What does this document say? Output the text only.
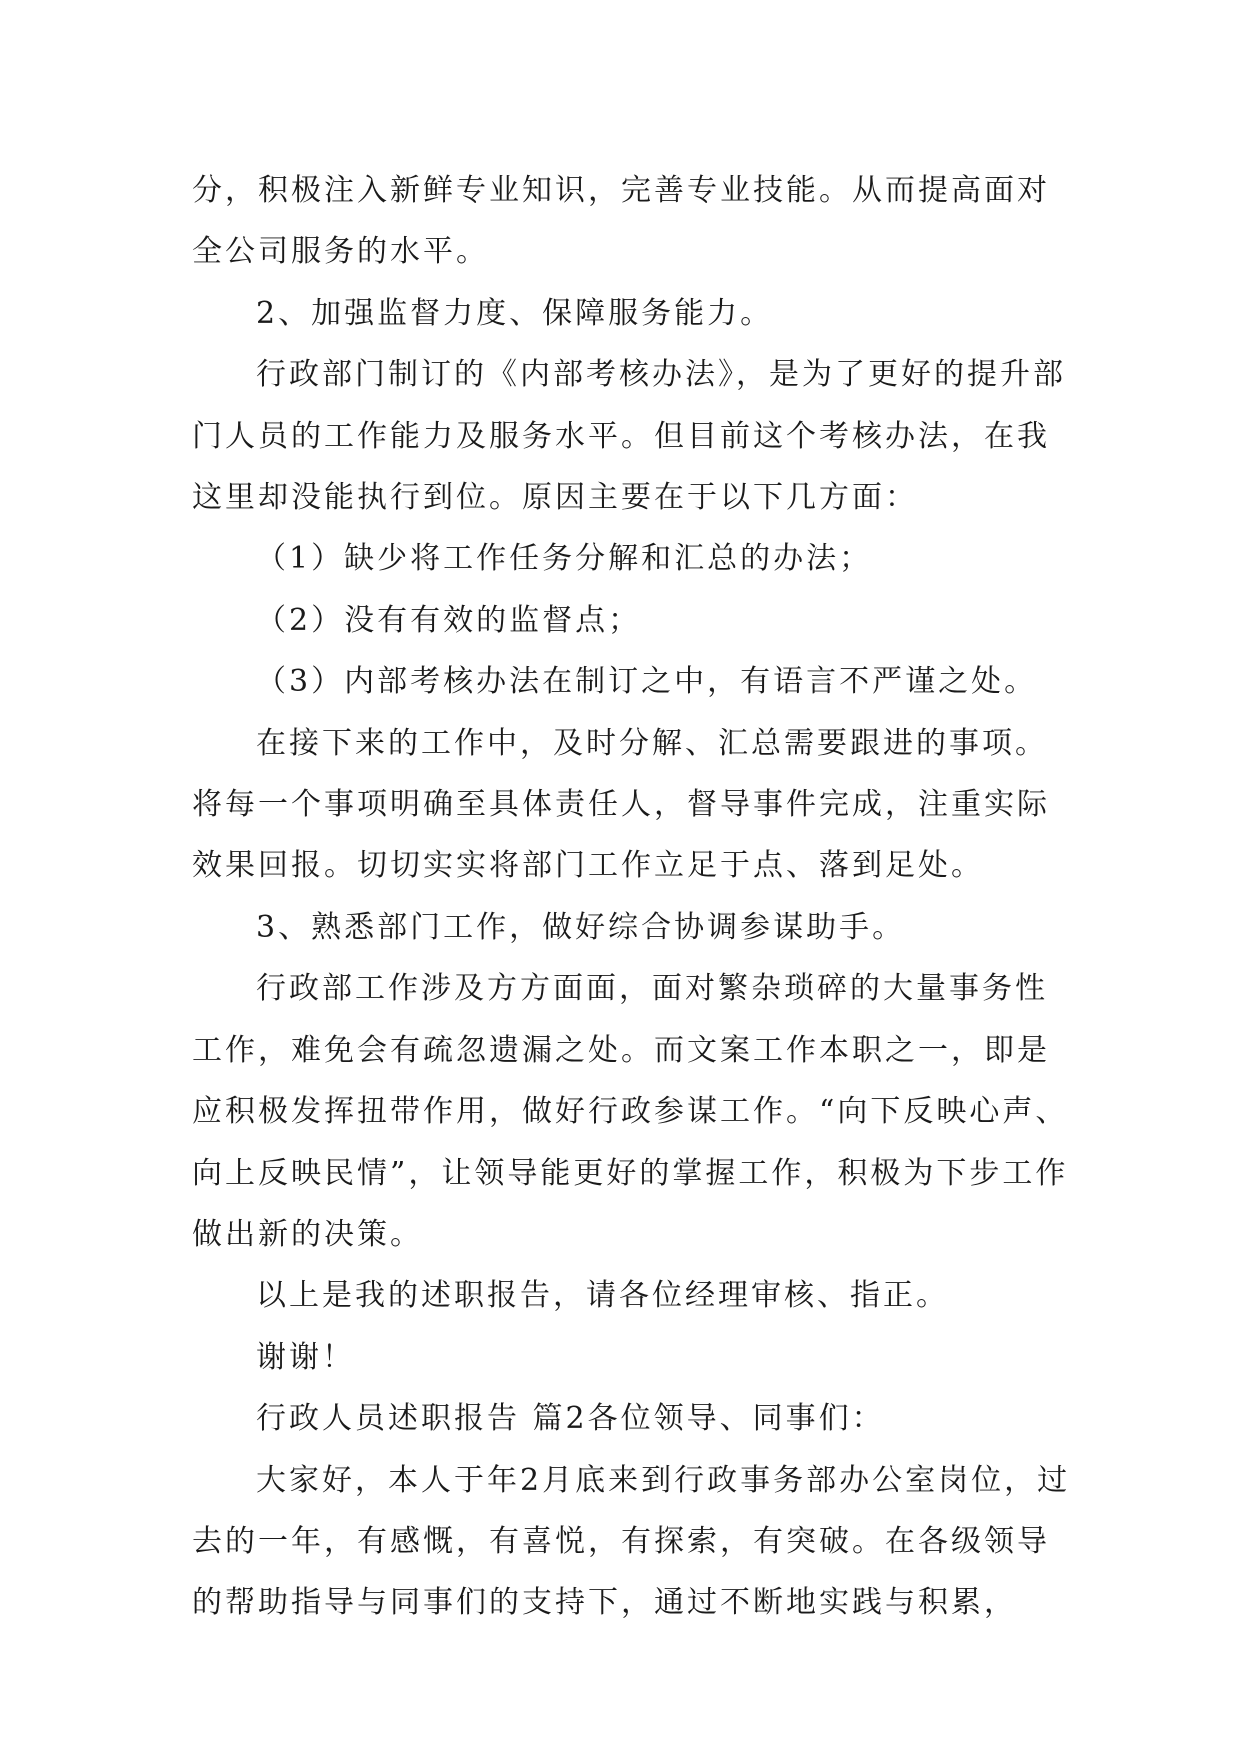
分，积极注入新鲜专业知识，完善专业技能。从而提高面对全公司服务的水平。

2、加强监督力度、保障服务能力。

行政部门制订的《内部考核办法》，是为了更好的提升部门人员的工作能力及服务水平。但目前这个考核办法，在我这里却没能执行到位。原因主要在于以下几方面：

（1）缺少将工作任务分解和汇总的办法；

（2）没有有效的监督点；

（3）内部考核办法在制订之中，有语言不严谨之处。

在接下来的工作中，及时分解、汇总需要跟进的事项。将每一个事项明确至具体责任人，督导事件完成，注重实际效果回报。切切实实将部门工作立足于点、落到足处。

3、熟悉部门工作，做好综合协调参谋助手。

行政部工作涉及方方面面，面对繁杂琐碎的大量事务性工作，难免会有疏忽遗漏之处。而文案工作本职之一，即是应积极发挥扭带作用，做好行政参谋工作。“向下反映心声、向上反映民情”，让领导能更好的掌握工作，积极为下步工作做出新的决策。

以上是我的述职报告，请各位经理审核、指正。

谢谢！

行政人员述职报告 篇2各位领导、同事们：

大家好，本人于年2月底来到行政事务部办公室岗位，过去的一年，有感慨，有喜悦，有探索，有突破。在各级领导的帮助指导与同事们的支持下，通过不断地实践与积累，
